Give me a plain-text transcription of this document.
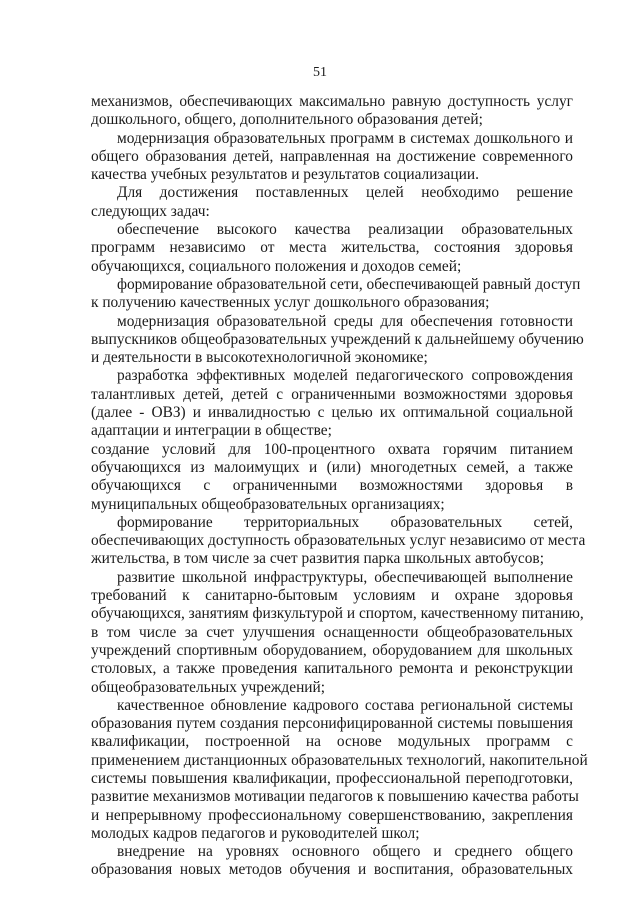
51

механизмов, обеспечивающих максимально равную доступность услуг
дошкольного, общего, дополнительного образования детей;

модернизация образовательных программ в системах дошкольного и
общего образования детей, направленная на достижение современного
качества учебных результатов и результатов социализации.

Для достижения поставленных целей необходимо решение
следующих задач:

обеспечение высокого качества реализации образовательных
программ независимо от места жительства, состояния здоровья
обучающихся, социального положения и доходов семей;

формирование образовательной сети, обеспечивающей равный доступ
к получению качественных услуг дошкольного образования;

модернизация образовательной среды для обеспечения готовности
выпускников общеобразовательных учреждений к дальнейшему обучению
и деятельности в высокотехнологичной экономике;

разработка эффективных моделей педагогического сопровождения
талантливых детей, детей с ограниченными возможностями здоровья
(далее - ОВЗ) и инвалидностью с целью их оптимальной социальной
адаптации и интеграции в обществе;

создание условий для 100-процентного охвата горячим питанием
обучающихся из малоимущих и (или) многодетных семей, а также
обучающихся с ограниченными возможностями здоровья в
муниципальных общеобразовательных организациях;

формирование территориальных образовательных сетей,
обеспечивающих доступность образовательных услуг независимо от места
жительства, в том числе за счет развития парка школьных автобусов;

развитие школьной инфраструктуры, обеспечивающей выполнение
требований к санитарно-бытовым условиям и охране здоровья
обучающихся, занятиям физкультурой и спортом, качественному питанию,
в том числе за счет улучшения оснащенности общеобразовательных
учреждений спортивным оборудованием, оборудованием для школьных
столовых, а также проведения капитального ремонта и реконструкции
общеобразовательных учреждений;

качественное обновление кадрового состава региональной системы
образования путем создания персонифицированной системы повышения
квалификации, построенной на основе модульных программ с
применением дистанционных образовательных технологий, накопительной
системы повышения квалификации, профессиональной переподготовки,
развитие механизмов мотивации педагогов к повышению качества работы
и непрерывному профессиональному совершенствованию, закрепления
молодых кадров педагогов и руководителей школ;

внедрение на уровнях основного общего и среднего общего
образования новых методов обучения и воспитания, образовательных
